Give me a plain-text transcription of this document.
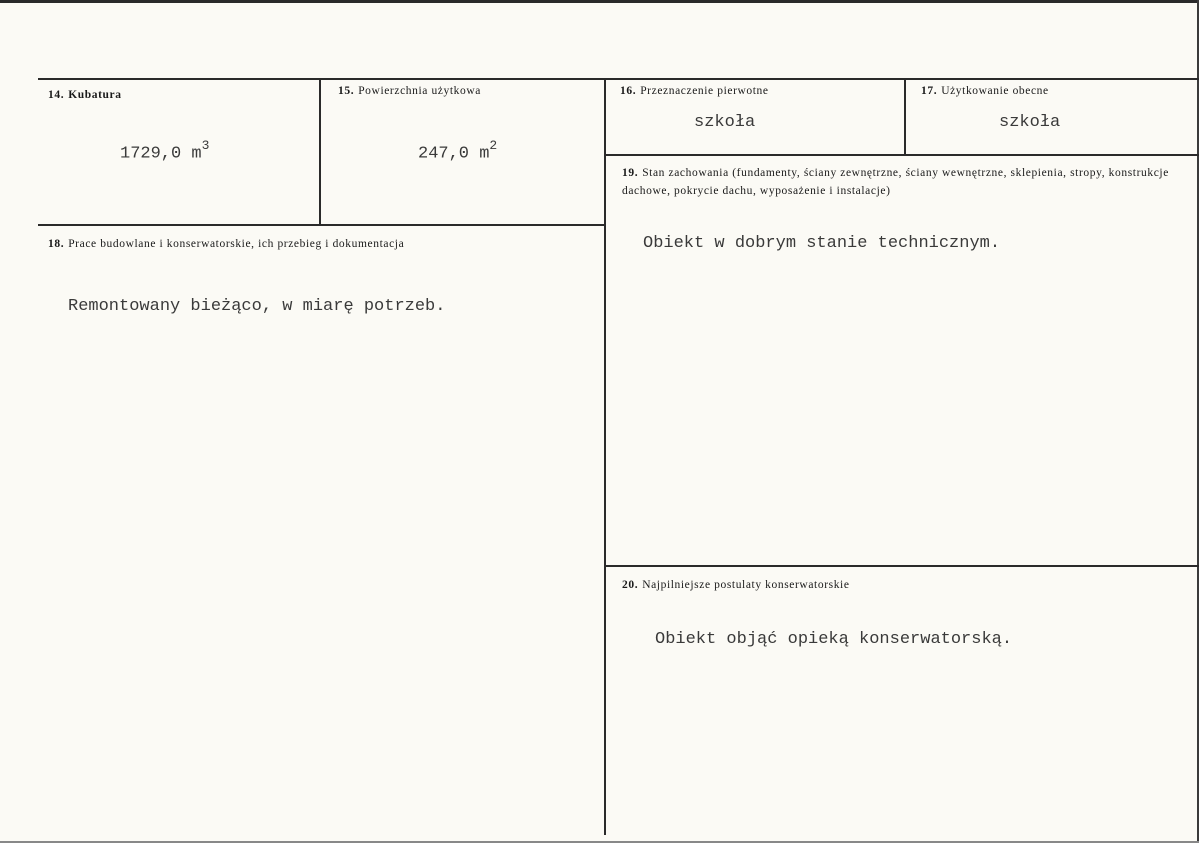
14. Kubatura
1729,0 $m^3$
15. Powierzchnia użytkowa
247,0 $m^2$
16. Przeznaczenie pierwotne
szkoła
17. Użytkowanie obecne
szkoła
18. Prace budowlane i konserwatorskie, ich przebieg i dokumentacja
Remontowany bieżąco, w miarę potrzeb.
19. Stan zachowania (fundamenty, ściany zewnętrzne, ściany wewnętrzne, sklepienia, stropy, konstrukcje dachowe, pokrycie dachu, wyposażenie i instalacje)
Obiekt w dobrym stanie technicznym.
20. Najpilniejsze postulaty konserwatorskie
Obiekt objąć opieką konserwatorską.
